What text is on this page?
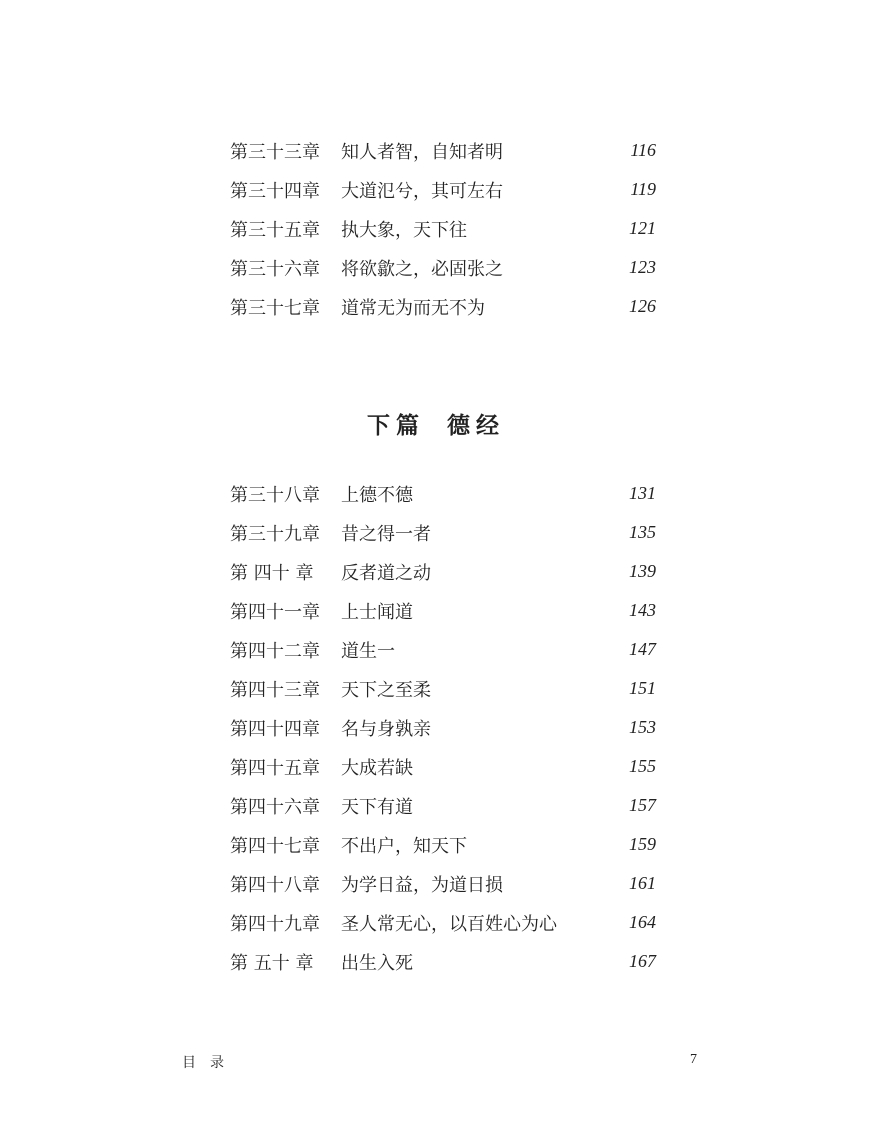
第三十三章	知人者智，自知者明	116
第三十四章	大道氾兮，其可左右	119
第三十五章	执大象，天下往	121
第三十六章	将欲歙之，必固张之	123
第三十七章	道常无为而无不为	126
下篇 德经
第三十八章	上德不德	131
第三十九章	昔之得一者	135
第 四十 章	反者道之动	139
第四十一章	上士闻道	143
第四十二章	道生一	147
第四十三章	天下之至柔	151
第四十四章	名与身孰亲	153
第四十五章	大成若缺	155
第四十六章	天下有道	157
第四十七章	不出户，知天下	159
第四十八章	为学日益，为道日损	161
第四十九章	圣人常无心，以百姓心为心	164
第 五十 章	出生入死	167
目录	7
